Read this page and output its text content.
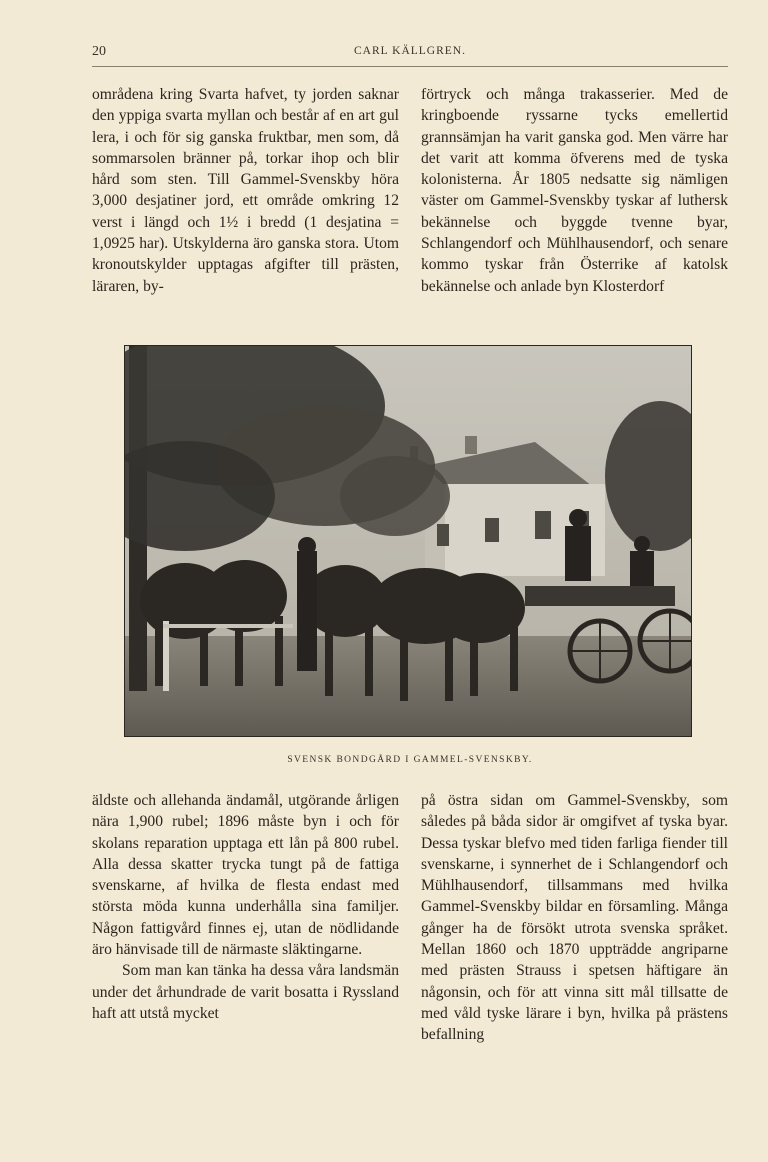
20	CARL KÄLLGREN.

områdena kring Svarta hafvet, ty jorden saknar den yppiga svarta myllan och består af en art gul lera, i och för sig ganska fruktbar, men som, då sommarsolen bränner på, torkar ihop och blir hård som sten. Till Gammel-Svenskby höra 3,000 desjatiner jord, ett område omkring 12 verst i längd och 1½ i bredd (1 desjatina = 1,0925 har). Utskylderna äro ganska stora. Utom kronoutskylder upptagas afgifter till prästen, läraren, by-

förtryck och många trakasserier. Med de kringboende ryssarne tycks emellertid grannsämjan ha varit ganska god. Men värre har det varit att komma öfverens med de tyska kolonisterna. År 1805 nedsatte sig nämligen väster om Gammel-Svenskby tyskar af luthersk bekännelse och byggde tvenne byar, Schlangendorf och Mühlhausendorf, och senare kommo tyskar från Österrike af katolsk bekännelse och anlade byn Klosterdorf

SVENSK BONDGÅRD I GAMMEL-SVENSKBY.

äldste och allehanda ändamål, utgörande årligen nära 1,900 rubel; 1896 måste byn i och för skolans reparation upptaga ett lån på 800 rubel. Alla dessa skatter trycka tungt på de fattiga svenskarne, af hvilka de flesta endast med största möda kunna underhålla sina familjer. Någon fattigvård finnes ej, utan de nödlidande äro hänvisade till de närmaste släktingarne.

Som man kan tänka ha dessa våra landsmän under det århundrade de varit bosatta i Ryssland haft att utstå mycket

på östra sidan om Gammel-Svenskby, som således på båda sidor är omgifvet af tyska byar. Dessa tyskar blefvo med tiden farliga fiender till svenskarne, i synnerhet de i Schlangendorf och Mühlhausendorf, tillsammans med hvilka Gammel-Svenskby bildar en församling. Många gånger ha de försökt utrota svenska språket. Mellan 1860 och 1870 uppträdde angriparne med prästen Strauss i spetsen häftigare än någonsin, och för att vinna sitt mål tillsatte de med våld tyske lärare i byn, hvilka på prästens befallning
